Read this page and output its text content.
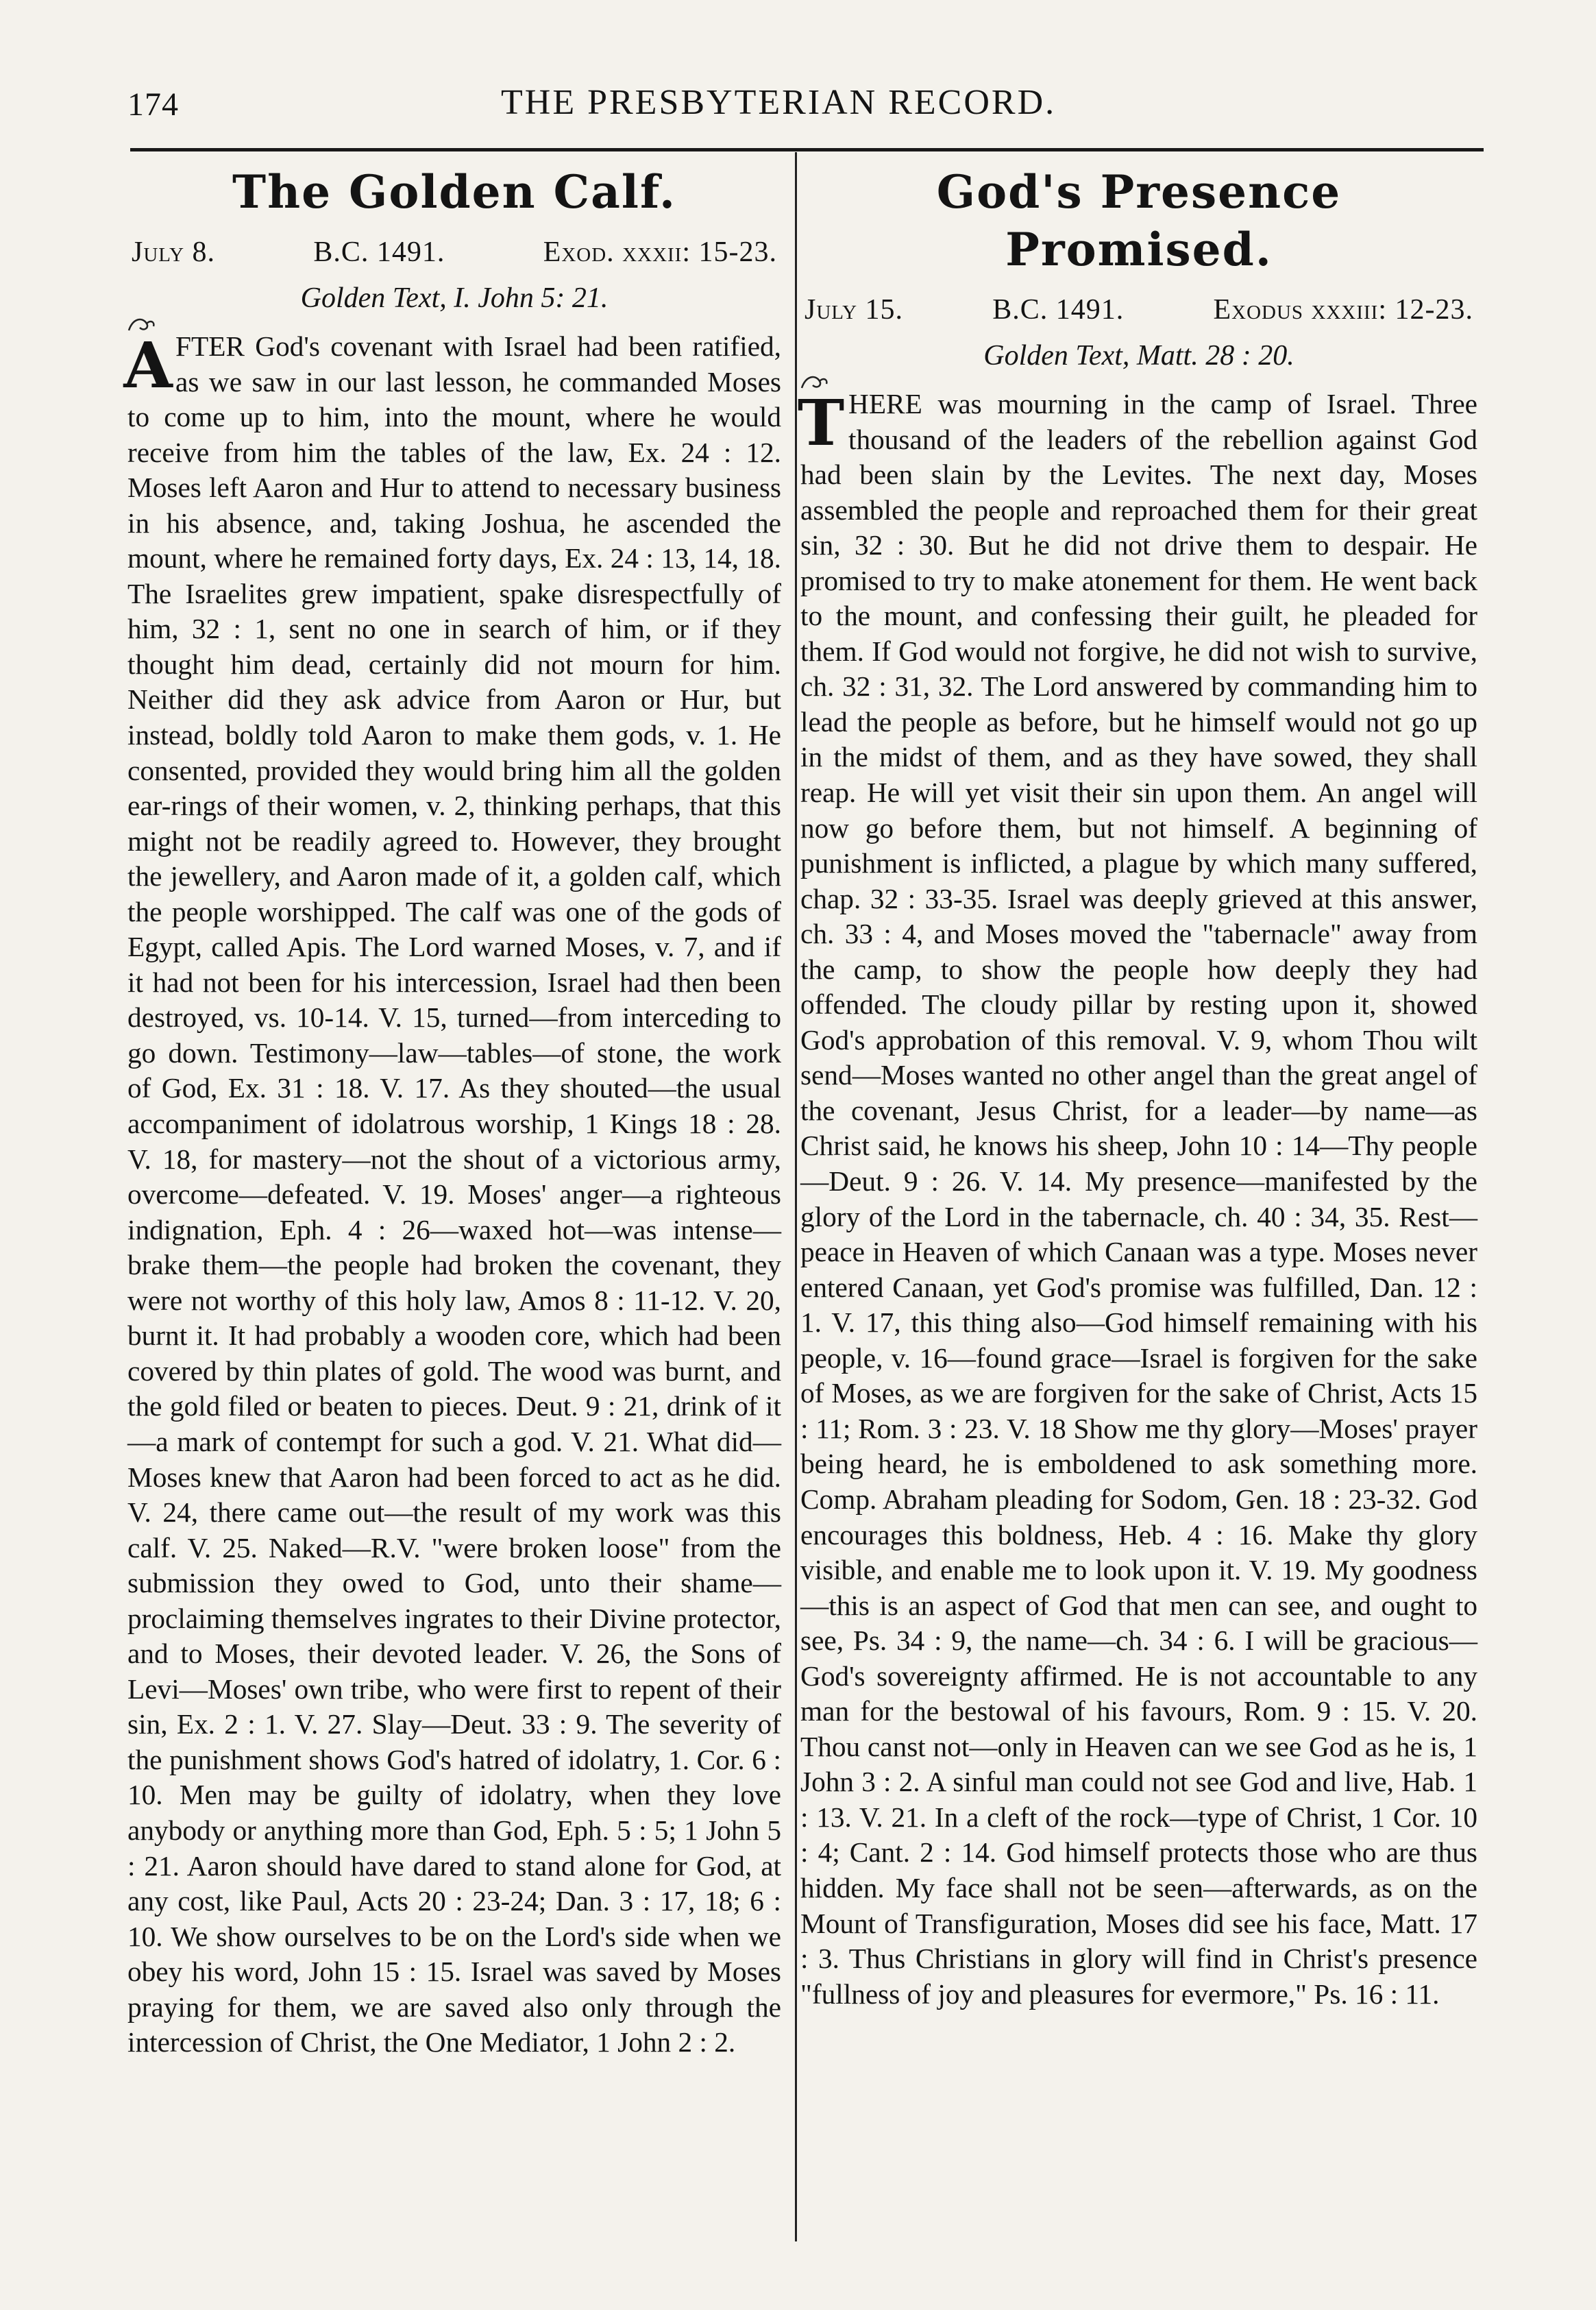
174	THE PRESBYTERIAN RECORD.
The Golden Calf.
July 8.	B.C. 1491.	Exod. xxxii: 15-23.
Golden Text, I. John 5: 21.
A FTER God's covenant with Israel had been ratified, as we saw in our last lesson, he commanded Moses to come up to him, into the mount, where he would receive from him the tables of the law, Ex. 24 : 12. Moses left Aaron and Hur to attend to necessary business in his absence, and, taking Joshua, he ascended the mount, where he remained forty days, Ex. 24 : 13, 14, 18. The Israelites grew impatient, spake disrespectfully of him, 32 : 1, sent no one in search of him, or if they thought him dead, certainly did not mourn for him. Neither did they ask advice from Aaron or Hur, but instead, boldly told Aaron to make them gods, v. 1. He consented, provided they would bring him all the golden ear-rings of their women, v. 2, thinking perhaps, that this might not be readily agreed to. However, they brought the jewellery, and Aaron made of it, a golden calf, which the people worshipped. The calf was one of the gods of Egypt, called Apis. The Lord warned Moses, v. 7, and if it had not been for his intercession, Israel had then been destroyed, vs. 10-14. V. 15, turned—from interceding to go down. Testimony—law—tables—of stone, the work of God, Ex. 31 : 18. V. 17. As they shouted—the usual accompaniment of idolatrous worship, 1 Kings 18 : 28. V. 18, for mastery—not the shout of a victorious army, overcome—defeated. V. 19. Moses' anger—a righteous indignation, Eph. 4 : 26—waxed hot—was intense—brake them—the people had broken the covenant, they were not worthy of this holy law, Amos 8 : 11-12. V. 20, burnt it. It had probably a wooden core, which had been covered by thin plates of gold. The wood was burnt, and the gold filed or beaten to pieces. Deut. 9 : 21, drink of it—a mark of contempt for such a god. V. 21. What did—Moses knew that Aaron had been forced to act as he did. V. 24, there came out—the result of my work was this calf. V. 25. Naked—R.V. "were broken loose" from the submission they owed to God, unto their shame—proclaiming themselves ingrates to their Divine protector, and to Moses, their devoted leader. V. 26, the Sons of Levi—Moses' own tribe, who were first to repent of their sin, Ex. 2 : 1. V. 27. Slay—Deut. 33 : 9. The severity of the punishment shows God's hatred of idolatry, 1. Cor. 6 : 10. Men may be guilty of idolatry, when they love anybody or anything more than God, Eph. 5 : 5; 1 John 5 : 21. Aaron should have dared to stand alone for God, at any cost, like Paul, Acts 20 : 23-24; Dan. 3 : 17, 18; 6 : 10. We show ourselves to be on the Lord's side when we obey his word, John 15 : 15. Israel was saved by Moses praying for them, we are saved also only through the intercession of Christ, the One Mediator, 1 John 2 : 2.
God's Presence Promised.
July 15.	B.C. 1491.	Exodus xxxiii: 12-23.
Golden Text, Matt. 28 : 20.
T HERE was mourning in the camp of Israel. Three thousand of the leaders of the rebellion against God had been slain by the Levites. The next day, Moses assembled the people and reproached them for their great sin, 32 : 30. But he did not drive them to despair. He promised to try to make atonement for them. He went back to the mount, and confessing their guilt, he pleaded for them. If God would not forgive, he did not wish to survive, ch. 32 : 31, 32. The Lord answered by commanding him to lead the people as before, but he himself would not go up in the midst of them, and as they have sowed, they shall reap. He will yet visit their sin upon them. An angel will now go before them, but not himself. A beginning of punishment is inflicted, a plague by which many suffered, chap. 32 : 33-35. Israel was deeply grieved at this answer, ch. 33 : 4, and Moses moved the "tabernacle" away from the camp, to show the people how deeply they had offended. The cloudy pillar by resting upon it, showed God's approbation of this removal. V. 9, whom Thou wilt send—Moses wanted no other angel than the great angel of the covenant, Jesus Christ, for a leader—by name—as Christ said, he knows his sheep, John 10 : 14—Thy people—Deut. 9 : 26. V. 14. My presence—manifested by the glory of the Lord in the tabernacle, ch. 40 : 34, 35. Rest—peace in Heaven of which Canaan was a type. Moses never entered Canaan, yet God's promise was fulfilled, Dan. 12 : 1. V. 17, this thing also—God himself remaining with his people, v. 16—found grace—Israel is forgiven for the sake of Moses, as we are forgiven for the sake of Christ, Acts 15 : 11; Rom. 3 : 23. V. 18 Show me thy glory—Moses' prayer being heard, he is emboldened to ask something more. Comp. Abraham pleading for Sodom, Gen. 18 : 23-32. God encourages this boldness, Heb. 4 : 16. Make thy glory visible, and enable me to look upon it. V. 19. My goodness—this is an aspect of God that men can see, and ought to see, Ps. 34 : 9, the name—ch. 34 : 6. I will be gracious—God's sovereignty affirmed. He is not accountable to any man for the bestowal of his favours, Rom. 9 : 15. V. 20. Thou canst not—only in Heaven can we see God as he is, 1 John 3 : 2. A sinful man could not see God and live, Hab. 1 : 13. V. 21. In a cleft of the rock—type of Christ, 1 Cor. 10 : 4; Cant. 2 : 14. God himself protects those who are thus hidden. My face shall not be seen—afterwards, as on the Mount of Transfiguration, Moses did see his face, Matt. 17 : 3. Thus Christians in glory will find in Christ's presence "fullness of joy and pleasures for evermore," Ps. 16 : 11.
